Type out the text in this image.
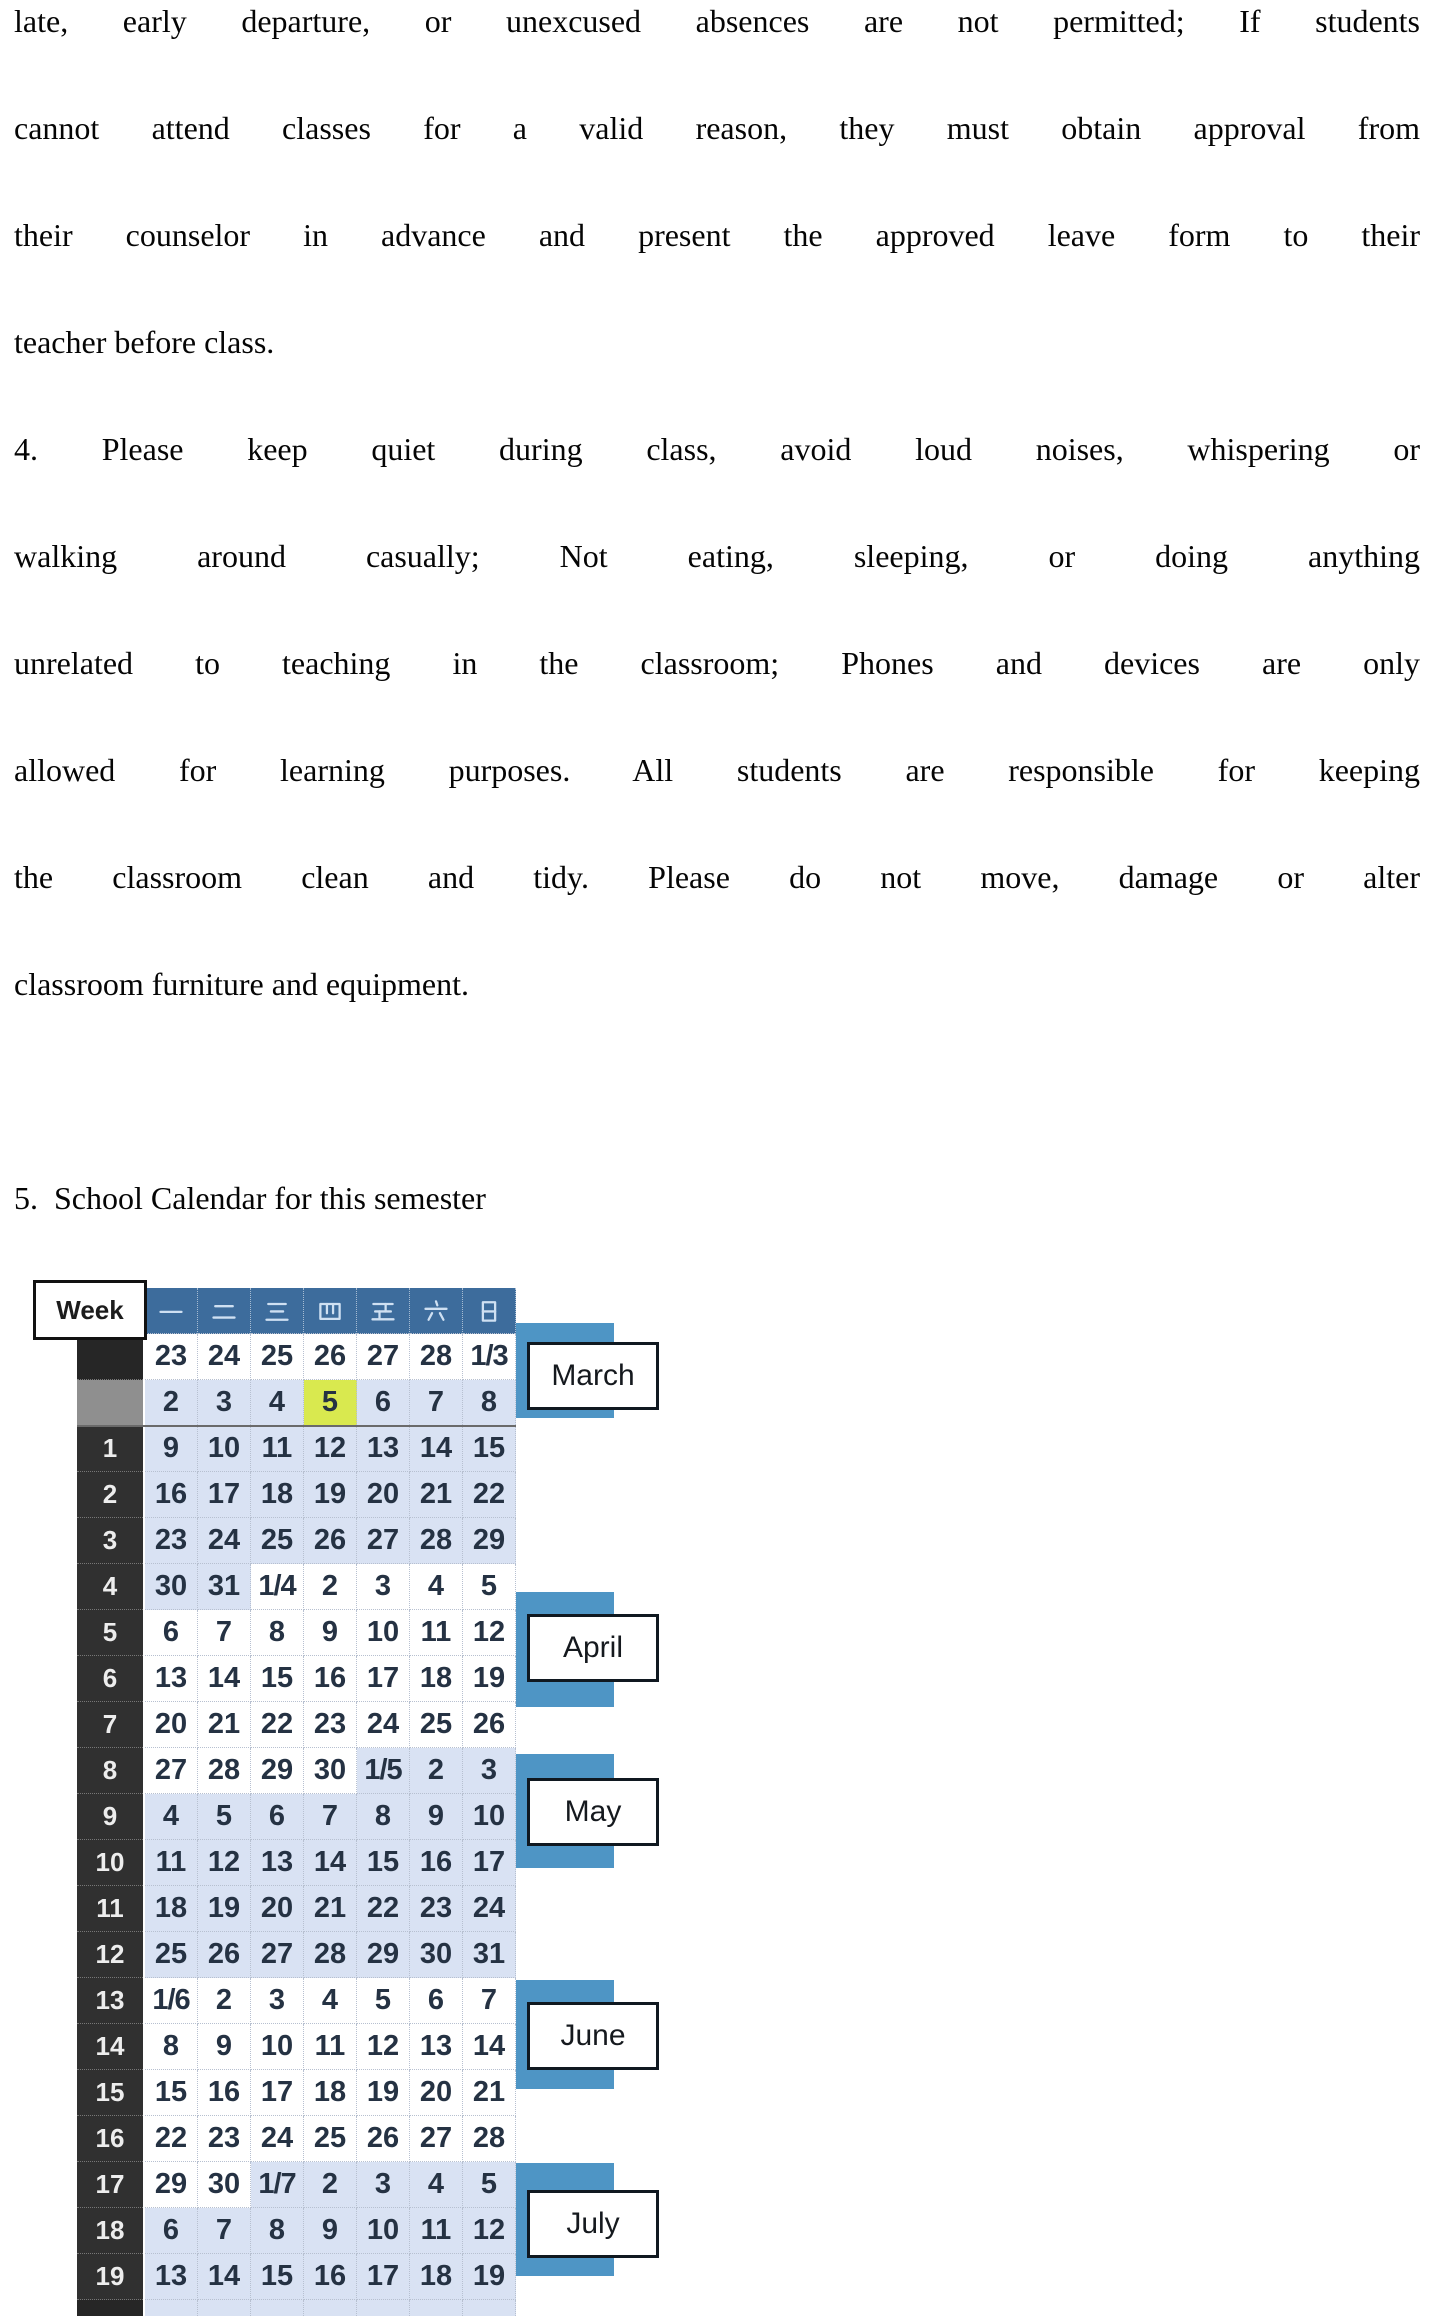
late, early departure, or unexcused absences are not permitted; If students
cannot attend classes for a valid reason, they must obtain approval from
their counselor in advance and present the approved leave form to their
teacher before class.
4. Please keep quiet during class, avoid loud noises, whispering or
walking around casually; Not eating, sleeping, or doing anything
unrelated to teaching in the classroom; Phones and devices are only
allowed for learning purposes. All students are responsible for keeping
the classroom clean and tidy. Please do not move, damage or alter
classroom furniture and equipment.
5.  School Calendar for this semester

	23	24	25	26	27	28	1/3
	2	3	4	5	6	7	8
1	9	10	11	12	13	14	15
2	16	17	18	19	20	21	22
3	23	24	25	26	27	28	29
4	30	31	1/4	2	3	4	5
5	6	7	8	9	10	11	12
6	13	14	15	16	17	18	19
7	20	21	22	23	24	25	26
8	27	28	29	30	1/5	2	3
9	4	5	6	7	8	9	10
10	11	12	13	14	15	16	17
11	18	19	20	21	22	23	24
12	25	26	27	28	29	30	31
13	1/6	2	3	4	5	6	7
14	8	9	10	11	12	13	14
15	15	16	17	18	19	20	21
16	22	23	24	25	26	27	28
17	29	30	1/7	2	3	4	5
18	6	7	8	9	10	11	12
19	13	14	15	16	17	18	19

Week
March
April
May
June
July
